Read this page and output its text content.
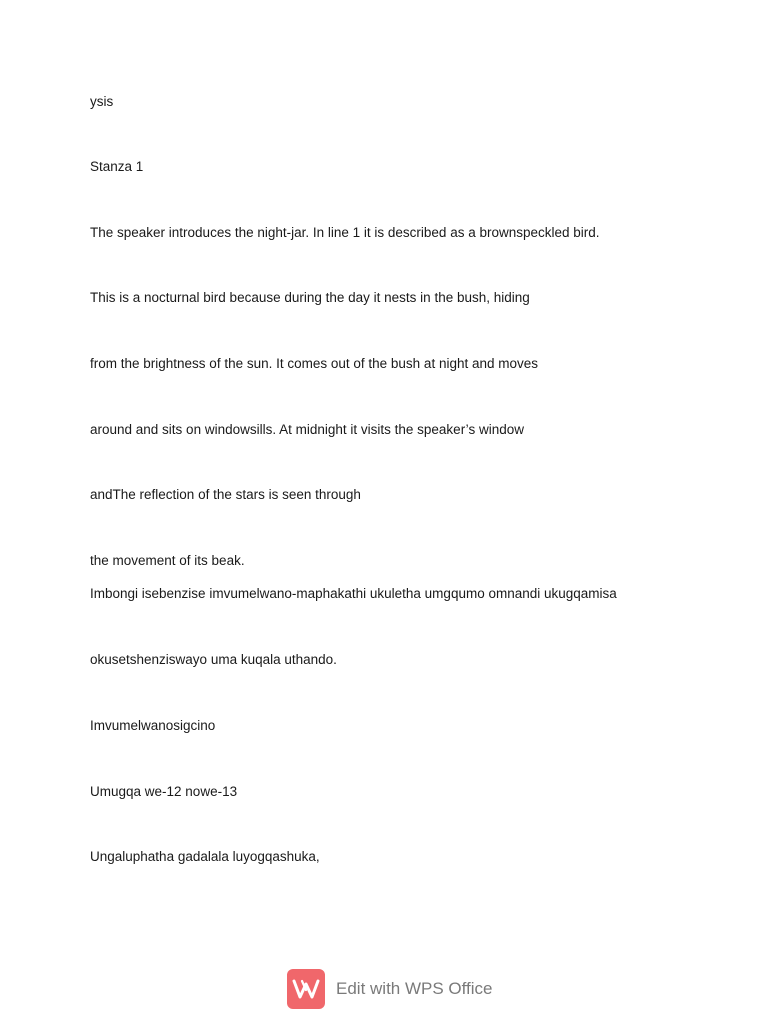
ysis
Stanza 1
The speaker introduces the night-jar. In line 1 it is described as a brownspeckled bird.
This is a nocturnal bird because during the day it nests in the bush, hiding
from the brightness of the sun. It comes out of the bush at night and moves
around and sits on windowsills. At midnight it visits the speaker’s window
andThe reflection of the stars is seen through
the movement of its beak.
Imbongi isebenzise imvumelwano-maphakathi ukuletha umgqumo omnandi ukugqamisa
okusetshenziswayo uma kuqala uthando.
Imvumelwanosigcino
Umugqa we-12 nowe-13
Ungaluphatha gadalala luyogqashuka,
Edit with WPS Office
